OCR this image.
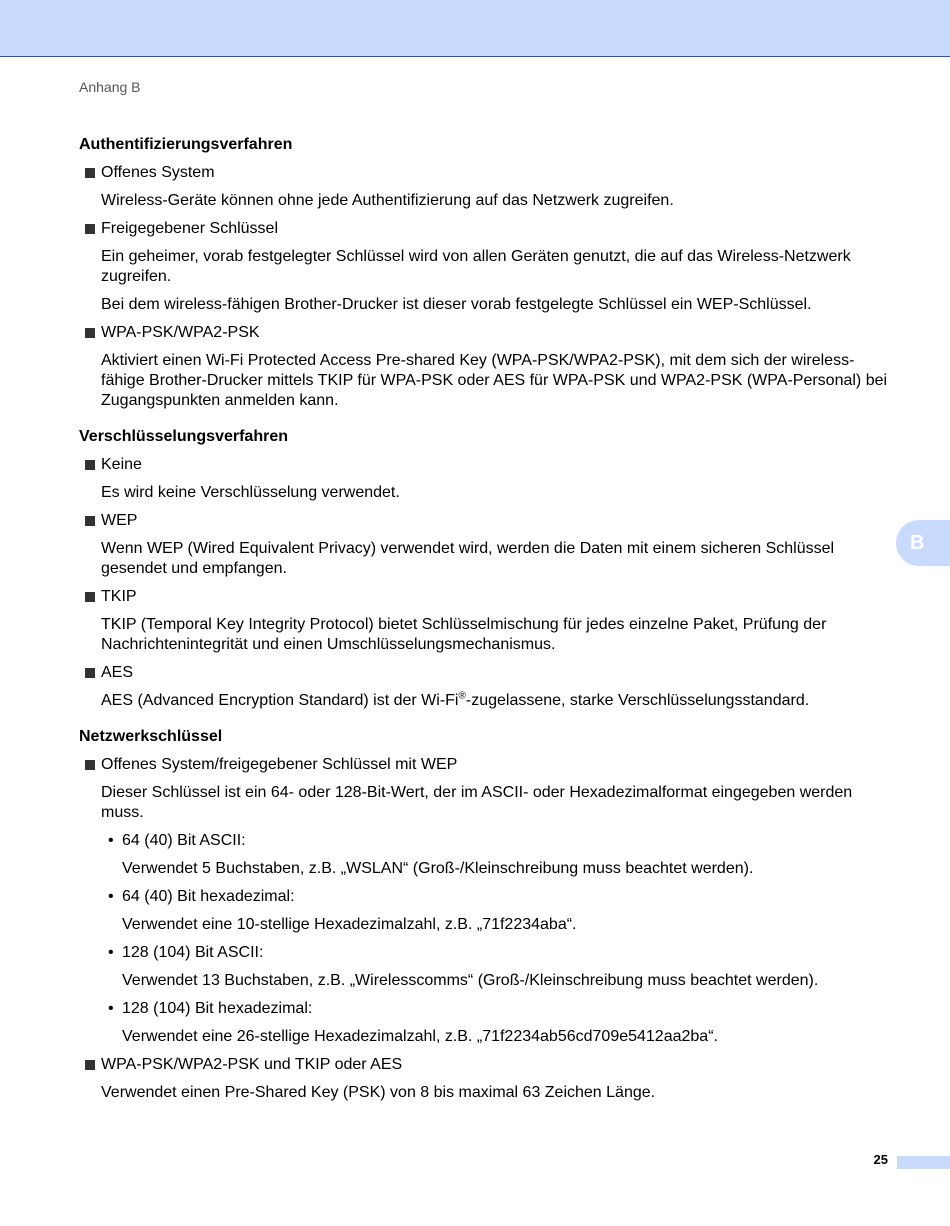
Anhang B
Authentifizierungsverfahren
Offenes System
Wireless-Geräte können ohne jede Authentifizierung auf das Netzwerk zugreifen.
Freigegebener Schlüssel
Ein geheimer, vorab festgelegter Schlüssel wird von allen Geräten genutzt, die auf das Wireless-Netzwerk zugreifen.
Bei dem wireless-fähigen Brother-Drucker ist dieser vorab festgelegte Schlüssel ein WEP-Schlüssel.
WPA-PSK/WPA2-PSK
Aktiviert einen Wi-Fi Protected Access Pre-shared Key (WPA-PSK/WPA2-PSK), mit dem sich der wireless-fähige Brother-Drucker mittels TKIP für WPA-PSK oder AES für WPA-PSK und WPA2-PSK (WPA-Personal) bei Zugangspunkten anmelden kann.
Verschlüsselungsverfahren
Keine
Es wird keine Verschlüsselung verwendet.
WEP
Wenn WEP (Wired Equivalent Privacy) verwendet wird, werden die Daten mit einem sicheren Schlüssel gesendet und empfangen.
TKIP
TKIP (Temporal Key Integrity Protocol) bietet Schlüsselmischung für jedes einzelne Paket, Prüfung der Nachrichtenintegrität und einen Umschlüsselungsmechanismus.
AES
AES (Advanced Encryption Standard) ist der Wi-Fi®-zugelassene, starke Verschlüsselungsstandard.
Netzwerkschlüssel
Offenes System/freigegebener Schlüssel mit WEP
Dieser Schlüssel ist ein 64- oder 128-Bit-Wert, der im ASCII- oder Hexadezimalformat eingegeben werden muss.
• 64 (40) Bit ASCII:
Verwendet 5 Buchstaben, z.B. „WSLAN“ (Groß-/Kleinschreibung muss beachtet werden).
• 64 (40) Bit hexadezimal:
Verwendet eine 10-stellige Hexadezimalzahl, z.B. „71f2234aba“.
• 128 (104) Bit ASCII:
Verwendet 13 Buchstaben, z.B. „Wirelesscomms“ (Groß-/Kleinschreibung muss beachtet werden).
• 128 (104) Bit hexadezimal:
Verwendet eine 26-stellige Hexadezimalzahl, z.B. „71f2234ab56cd709e5412aa2ba“.
WPA-PSK/WPA2-PSK und TKIP oder AES
Verwendet einen Pre-Shared Key (PSK) von 8 bis maximal 63 Zeichen Länge.
B
25
